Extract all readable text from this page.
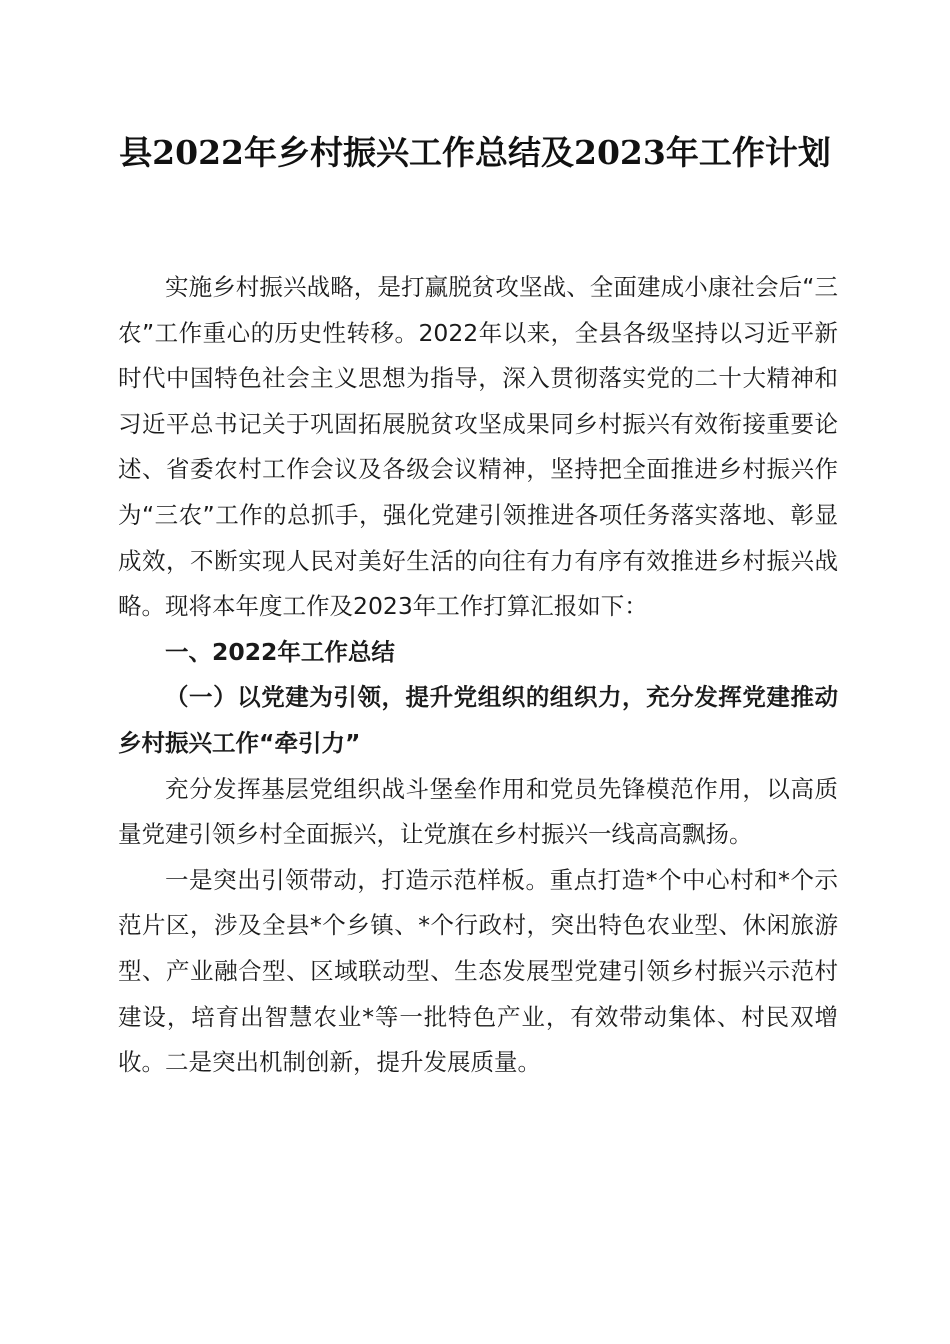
县2022年乡村振兴工作总结及2023年工作计划

实施乡村振兴战略，是打赢脱贫攻坚战、全面建成小康社会后“三农”工作重心的历史性转移。2022年以来，全县各级坚持以习近平新时代中国特色社会主义思想为指导，深入贯彻落实党的二十大精神和习近平总书记关于巩固拓展脱贫攻坚成果同乡村振兴有效衔接重要论述、省委农村工作会议及各级会议精神，坚持把全面推进乡村振兴作为“三农”工作的总抓手，强化党建引领推进各项任务落实落地、彰显成效，不断实现人民对美好生活的向往有力有序有效推进乡村振兴战略。现将本年度工作及2023年工作打算汇报如下：

一、2022年工作总结

（一）以党建为引领，提升党组织的组织力，充分发挥党建推动乡村振兴工作“牵引力”

充分发挥基层党组织战斗堡垒作用和党员先锋模范作用，以高质量党建引领乡村全面振兴，让党旗在乡村振兴一线高高飘扬。

一是突出引领带动，打造示范样板。重点打造*个中心村和*个示范片区，涉及全县*个乡镇、*个行政村，突出特色农业型、休闲旅游型、产业融合型、区域联动型、生态发展型党建引领乡村振兴示范村建设，培育出智慧农业*等一批特色产业，有效带动集体、村民双增收。二是突出机制创新，提升发展质量。
